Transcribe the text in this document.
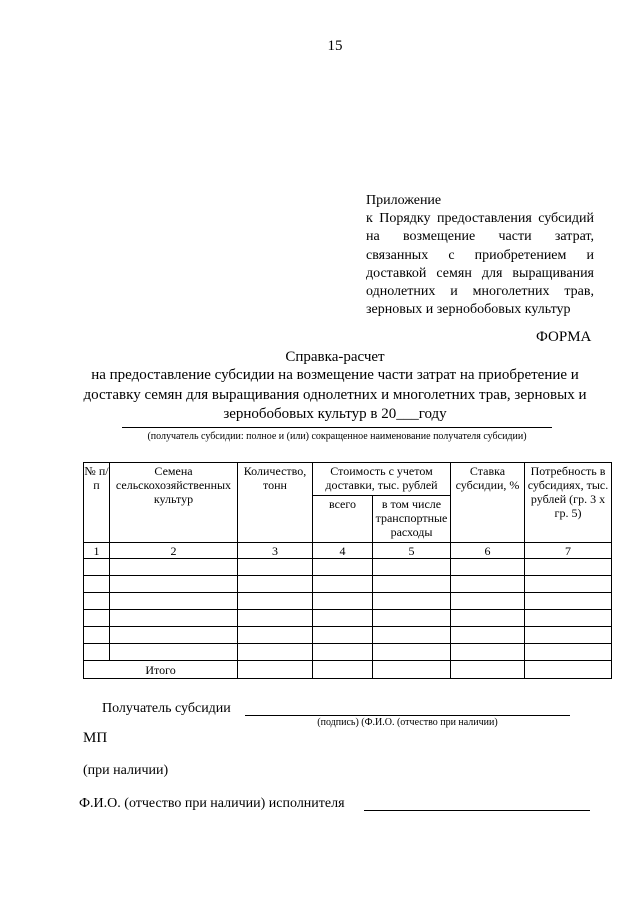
15
Приложение
к Порядку предоставления субсидий на возмещение части затрат, связанных с приобретением и доставкой семян для выращивания однолетних и многолетних трав, зерновых и зернобобовых культур
ФОРМА
Справка-расчет
на предоставление субсидии на возмещение части затрат на приобретение и доставку семян для выращивания однолетних и многолетних трав, зерновых и зернобобовых культур в 20___году
(получатель субсидии: полное и (или) сокращенное наименование получателя субсидии)
№ п/п	Семена сельскохозяйственных культур	Количество, тонн	Стоимость с учетом доставки, тыс. рублей		Ставка субсидии, %	Потребность в субсидиях, тыс. рублей (гр. 3 х гр. 5)
			всего	в том числе транспортные расходы		
1	2	3	4	5	6	7

Итого						
Получатель субсидии
(подпись) (Ф.И.О. (отчество при наличии)
МП
(при наличии)
Ф.И.О. (отчество при наличии) исполнителя
